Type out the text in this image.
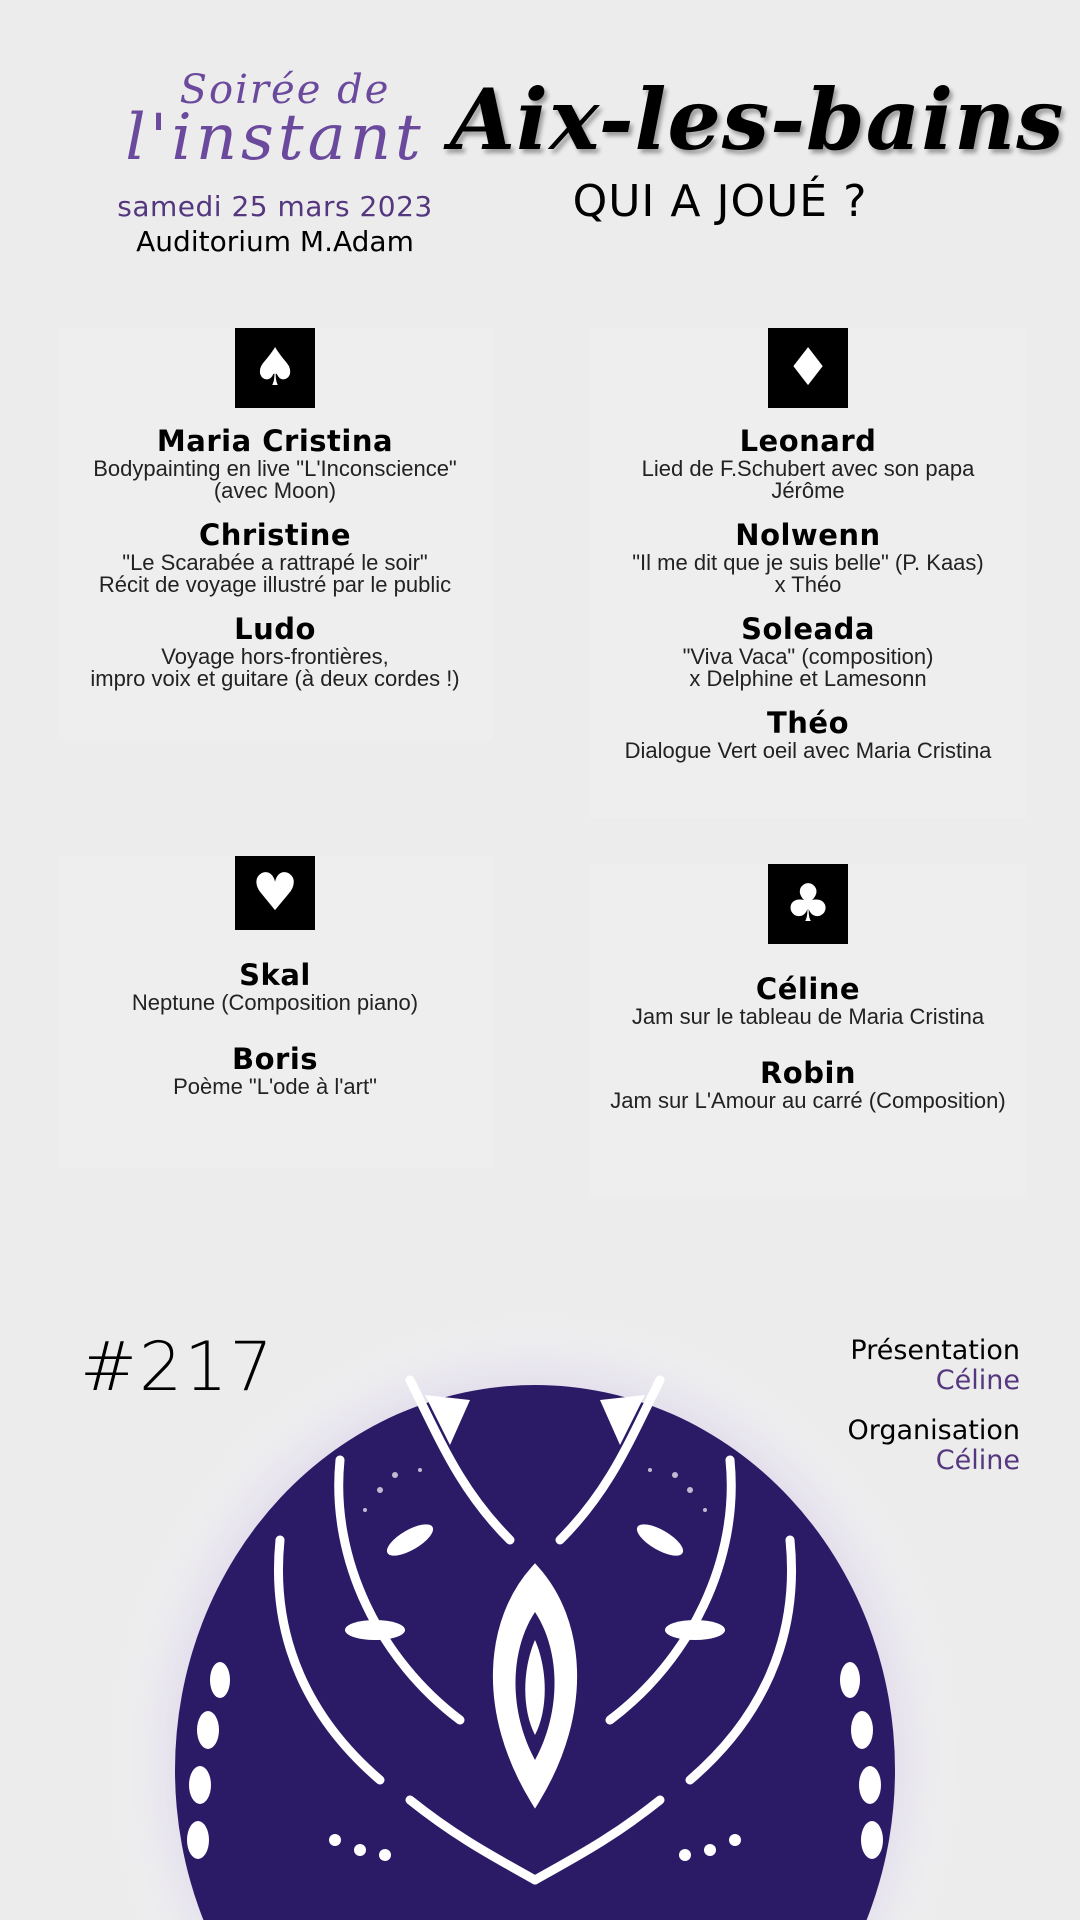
Soirée de
l'instant
samedi 25 mars 2023
Auditorium M.Adam
Aix-les-bains
QUI A JOUÉ ?
♠
Maria Cristina
Bodypainting en live "L'Inconscience"
(avec Moon)
Christine
"Le Scarabée a rattrapé le soir"
Récit de voyage illustré par le public
Ludo
Voyage hors-frontières,
impro voix et guitare (à deux cordes !)
♦
Leonard
Lied de F.Schubert avec son papa
Jérôme
Nolwenn
"Il me dit que je suis belle" (P. Kaas)
x Théo
Soleada
"Viva Vaca" (composition)
x Delphine et Lamesonn
Théo
Dialogue Vert oeil avec Maria Cristina
♥
Skal
Neptune (Composition piano)
Boris
Poème "L'ode à l'art"
♣
Céline
Jam sur le tableau de Maria Cristina
Robin
Jam sur L'Amour au carré (Composition)
#217	Présentation
Céline
Organisation
Céline
